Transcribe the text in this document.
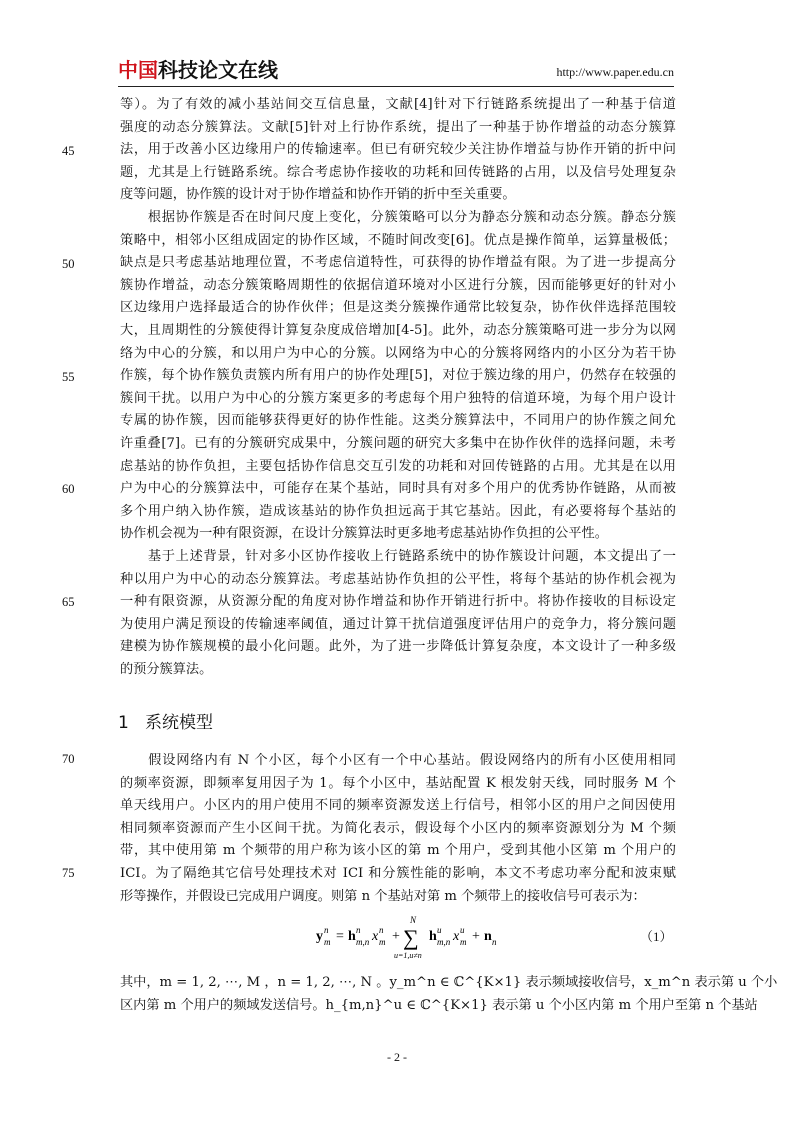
中国科技论文在线	http://www.paper.edu.cn
等）。为了有效的减小基站间交互信息量，文献[4]针对下行链路系统提出了一种基于信道
强度的动态分簇算法。文献[5]针对上行协作系统，提出了一种基于协作增益的动态分簇算
法，用于改善小区边缘用户的传输速率。但已有研究较少关注协作增益与协作开销的折中问
题，尤其是上行链路系统。综合考虑协作接收的功耗和回传链路的占用，以及信号处理复杂
度等问题，协作簇的设计对于协作增益和协作开销的折中至关重要。
　　根据协作簇是否在时间尺度上变化，分簇策略可以分为静态分簇和动态分簇。静态分簇
策略中，相邻小区组成固定的协作区域，不随时间改变[6]。优点是操作简单，运算量极低；
缺点是只考虑基站地理位置，不考虑信道特性，可获得的协作增益有限。为了进一步提高分
簇协作增益，动态分簇策略周期性的依据信道环境对小区进行分簇，因而能够更好的针对小
区边缘用户选择最适合的协作伙伴；但是这类分簇操作通常比较复杂，协作伙伴选择范围较
大，且周期性的分簇使得计算复杂度成倍增加[4-5]。此外，动态分簇策略可进一步分为以网
络为中心的分簇，和以用户为中心的分簇。以网络为中心的分簇将网络内的小区分为若干协
作簇，每个协作簇负责簇内所有用户的协作处理[5]，对位于簇边缘的用户，仍然存在较强的
簇间干扰。以用户为中心的分簇方案更多的考虑每个用户独特的信道环境，为每个用户设计
专属的协作簇，因而能够获得更好的协作性能。这类分簇算法中，不同用户的协作簇之间允
许重叠[7]。已有的分簇研究成果中，分簇问题的研究大多集中在协作伙伴的选择问题，未考
虑基站的协作负担，主要包括协作信息交互引发的功耗和对回传链路的占用。尤其是在以用
户为中心的分簇算法中，可能存在某个基站，同时具有对多个用户的优秀协作链路，从而被
多个用户纳入协作簇，造成该基站的协作负担远高于其它基站。因此，有必要将每个基站的
协作机会视为一种有限资源，在设计分簇算法时更多地考虑基站协作负担的公平性。
　　基于上述背景，针对多小区协作接收上行链路系统中的协作簇设计问题，本文提出了一
种以用户为中心的动态分簇算法。考虑基站协作负担的公平性，将每个基站的协作机会视为
一种有限资源，从资源分配的角度对协作增益和协作开销进行折中。将协作接收的目标设定
为使用户满足预设的传输速率阈值，通过计算干扰信道强度评估用户的竞争力，将分簇问题
建模为协作簇规模的最小化问题。此外，为了进一步降低计算复杂度，本文设计了一种多级
的预分簇算法。
　　假设网络内有 N 个小区，每个小区有一个中心基站。假设网络内的所有小区使用相同
的频率资源，即频率复用因子为 1。每个小区中，基站配置 K 根发射天线，同时服务 M 个
单天线用户。小区内的用户使用不同的频率资源发送上行信号，相邻小区的用户之间因使用
相同频率资源而产生小区间干扰。为简化表示，假设每个小区内的频率资源划分为 M 个频
带，其中使用第 m 个频带的用户称为该小区的第 m 个用户，受到其他小区第 m 个用户的
ICI。为了隔绝其它信号处理技术对 ICI 和分簇性能的影响，本文不考虑功率分配和波束赋
形等操作，并假设已完成用户调度。则第 n 个基站对第 m 个频带上的接收信号可表示为：
其中，m = 1, 2, ⋯, M ，n = 1, 2, ⋯, N 。y_m^n ∈ ℂ^{K×1} 表示频域接收信号，x_m^n 表示第 u 个小
区内第 m 个用户的频域发送信号。h_{m,n}^u ∈ ℂ^{K×1} 表示第 u 个小区内第 m 个用户至第 n 个基站
1 系统模型
y n
m = h n
m,n x n
m +
N
∑
u=1,u≠n
h u
m,n x u
m + n n	（1）
- 2 -
45
50
55
60
65
70
75
